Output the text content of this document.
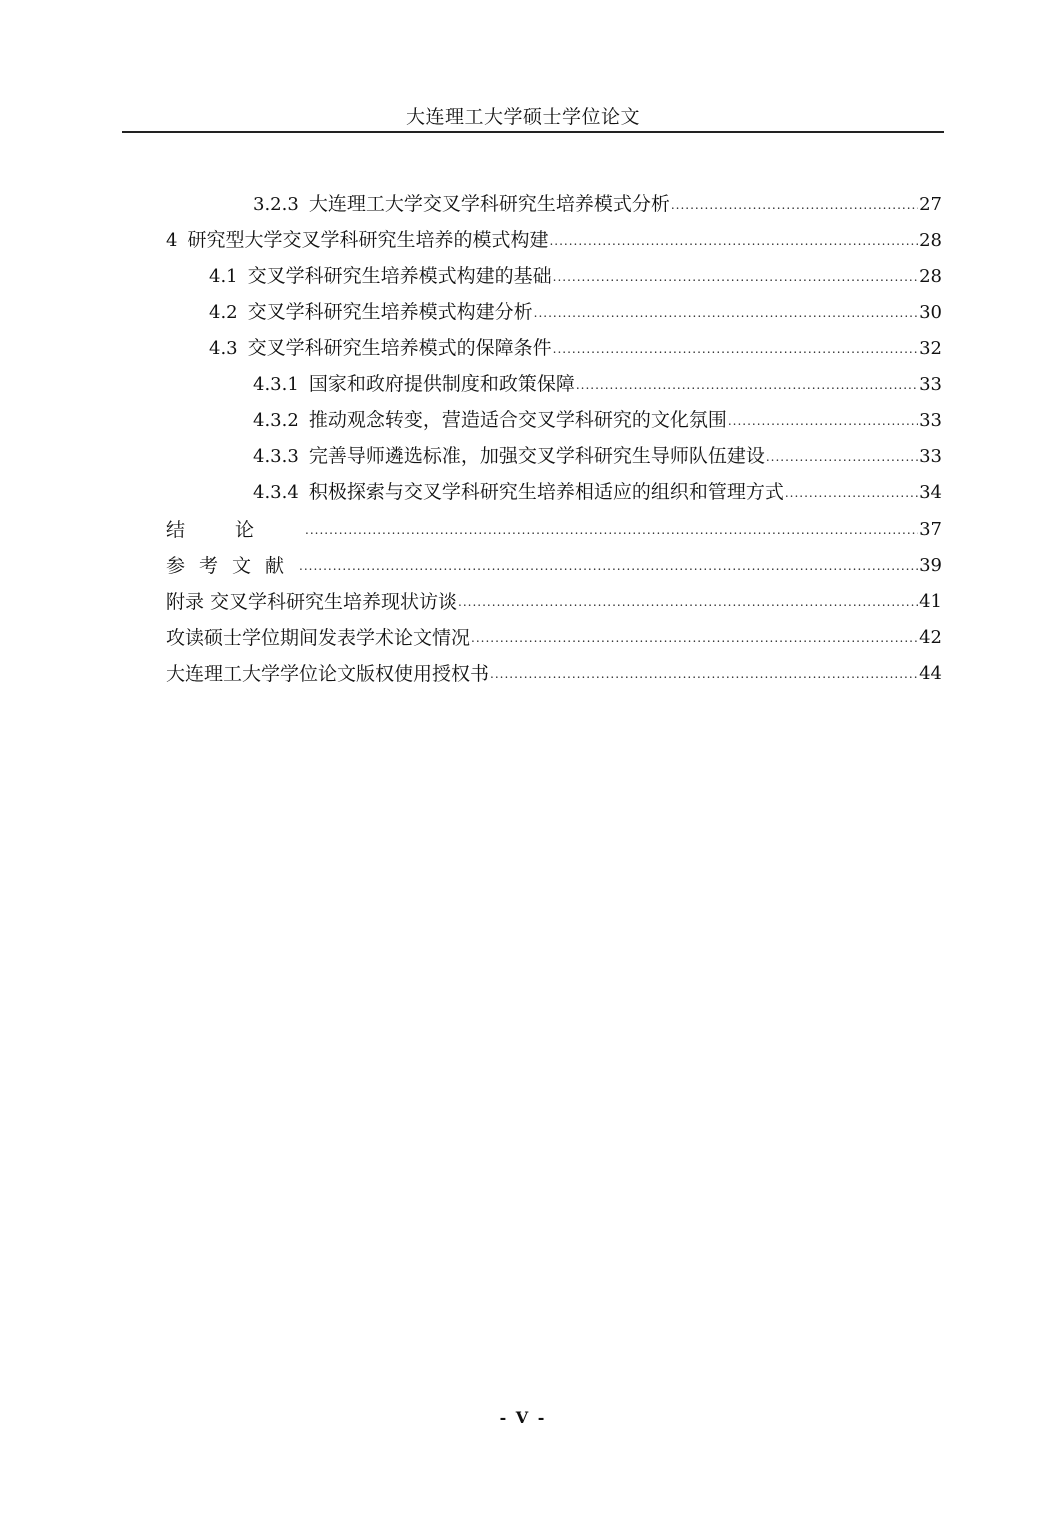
大连理工大学硕士学位论文
3.2.3 大连理工大学交叉学科研究生培养模式分析 .....	27
4 研究型大学交叉学科研究生培养的模式构建 .....	28
4.1 交叉学科研究生培养模式构建的基础 .....	28
4.2 交叉学科研究生培养模式构建分析 .....	30
4.3 交叉学科研究生培养模式的保障条件 .....	32
4.3.1 国家和政府提供制度和政策保障 .....	33
4.3.2 推动观念转变，营造适合交叉学科研究的文化氛围 .....	33
4.3.3 完善导师遴选标准，加强交叉学科研究生导师队伍建设 .....	33
4.3.4 积极探索与交叉学科研究生培养相适应的组织和管理方式 .....	34
结论 .....	37
参考文献 .....	39
附录 交叉学科研究生培养现状访谈 .....	41
攻读硕士学位期间发表学术论文情况 .....	42
大连理工大学学位论文版权使用授权书 .....	44
- V -
